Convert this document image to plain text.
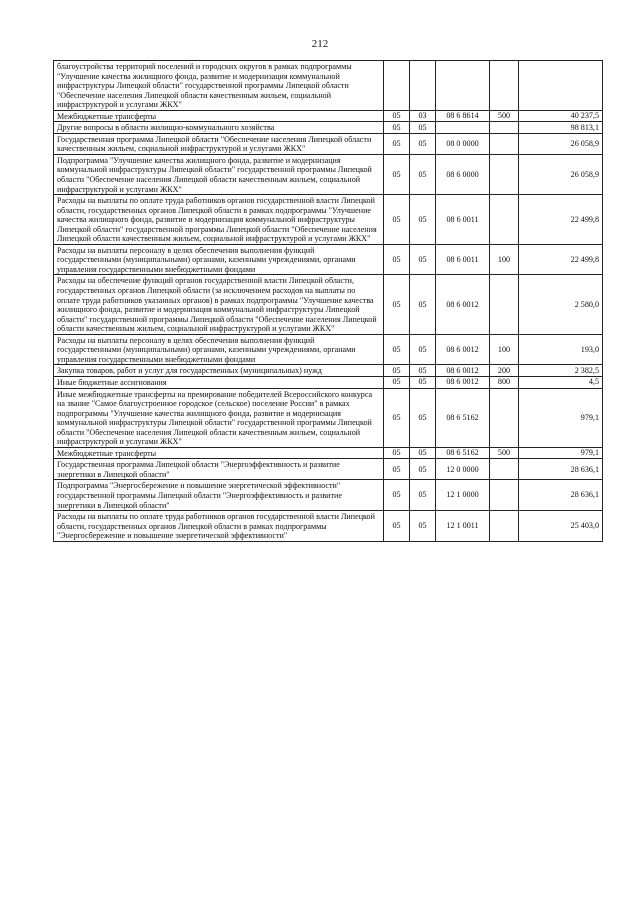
212
благоустройства территорий поселений и городских округов в рамках подпрограммы "Улучшение качества жилищного фонда, развитие и модернизация коммунальной инфраструктуры Липецкой области" государственной программы Липецкой области "Обеспечение населения Липецкой области качественным жильем, социальной инфраструктурой и услугами ЖКХ"					
Межбюджетные трансферты	05	03	08 6 8614	500	40 237,5
Другие вопросы в области жилищно-коммунального хозяйства	05	05			98 813,1
Государственная программа Липецкой области "Обеспечение населения Липецкой области качественным жильем, социальной инфраструктурой и услугами ЖКХ"	05	05	08 0 0000		26 058,9
Подпрограмма "Улучшение качества жилищного фонда, развитие и модернизация коммунальной инфраструктуры Липецкой области" государственной программы Липецкой области "Обеспечение населения Липецкой области качественным жильем, социальной инфраструктурой и услугами ЖКХ"	05	05	08 6 0000		26 058,9
Расходы на выплаты по оплате труда работников органов государственной власти Липецкой области, государственных органов Липецкой области в рамках подпрограммы "Улучшение качества жилищного фонда, развитие и модернизация коммунальной инфраструктуры Липецкой области" государственной программы Липецкой области "Обеспечение населения Липецкой области качественным жильем, социальной инфраструктурой и услугами ЖКХ"	05	05	08 6 0011		22 499,8
Расходы на выплаты персоналу в целях обеспечения выполнения функций государственными (муниципальными) органами, казенными учреждениями, органами управления государственными внебюджетными фондами	05	05	08 6 0011	100	22 499,8
Расходы на обеспечение функций органов государственной власти Липецкой области, государственных органов Липецкой области (за исключением расходов на выплаты по оплате труда работников указанных органов) в рамках подпрограммы "Улучшение качества жилищного фонда, развитие и модернизация коммунальной инфраструктуры Липецкой области" государственной программы Липецкой области "Обеспечение населения Липецкой области качественным жильем, социальной инфраструктурой и услугами ЖКХ"	05	05	08 6 0012		2 580,0
Расходы на выплаты персоналу в целях обеспечения выполнения функций государственными (муниципальными) органами, казенными учреждениями, органами управления государственными внебюджетными фондами	05	05	08 6 0012	100	193,0
Закупка товаров, работ и услуг для государственных (муниципальных) нужд	05	05	08 6 0012	200	2 382,5
Иные бюджетные ассигнования	05	05	08 6 0012	800	4,5
Иные межбюджетные трансферты на премирование победителей Всероссийского конкурса на звание "Самое благоустроенное городское (сельское) поселение России" в рамках подпрограммы "Улучшение качества жилищного фонда, развитие и модернизация коммунальной инфраструктуры Липецкой области" государственной программы Липецкой области "Обеспечение населения Липецкой области качественным жильем, социальной инфраструктурой и услугами ЖКХ"	05	05	08 6 5162		979,1
Межбюджетные трансферты	05	05	08 6 5162	500	979,1
Государственная программа Липецкой области "Энергоэффективность и развитие энергетики в Липецкой области"	05	05	12 0 0000		28 636,1
Подпрограмма "Энергосбережение и повышение энергетической эффективности" государственной программы Липецкой области "Энергоэффективность и развитие энергетики в Липецкой области"	05	05	12 1 0000		28 636,1
Расходы на выплаты по оплате труда работников органов государственной власти Липецкой области, государственных органов Липецкой области в рамках подпрограммы "Энергосбережение и повышение энергетической эффективности"	05	05	12 1 0011		25 403,0
